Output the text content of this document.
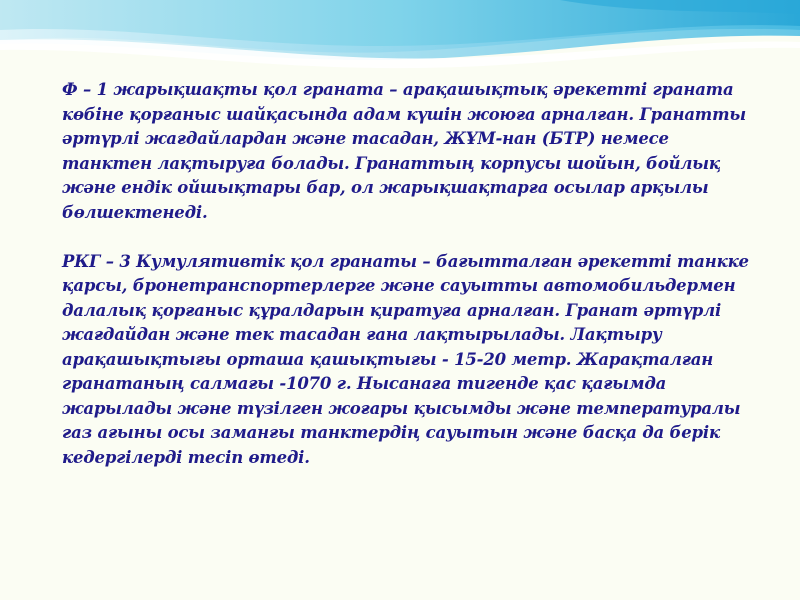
Ф – 1 жарықшақты қол граната – арақашықтық әрекетті граната көбіне қорғаныс шайқасында адам күшін жоюға арналған. Гранатты әртүрлі жағдайлардан және тасадан, ЖҰМ-нан (БТР) немесе танктен лақтыруға болады. Гранаттың корпусы шойын, бойлық және ендік ойшықтары бар, ол жарықшақтарға осылар арқылы бөлшектенеді.

РКГ – 3 Кумулятивтік қол гранаты – бағытталған әрекетті танкке қарсы, бронетранспортерлерге және сауытты автомобильдермен далалық қорғаныс құралдарын қиратуға арналған. Гранат әртүрлі жағдайдан және тек тасадан ғана лақтырылады. Лақтыру арақашықтығы орташа қашықтығы - 15-20 метр. Жарақталған гранатаның салмағы -1070 г. Нысанаға тигенде қас қағымда жарылады және түзілген жоғары қысымды және температуралы газ ағыны осы заманғы танктердің сауытын және басқа да берік кедергілерді тесіп өтеді.
